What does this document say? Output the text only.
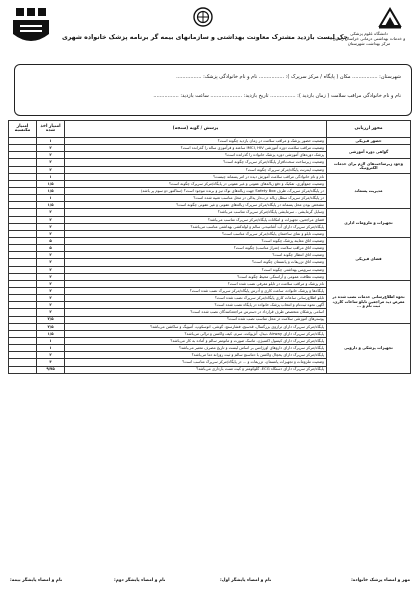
دانشگاه علوم پزشکی
و خدمات بهداشتی درمانی خراسان رضوی
مرکز بهداشت شهرستان
چک لیست بازدید مشترک معاونت بهداشتی و سازمانهای بیمه گر برنامه پزشک خانواده شهری
شهرستان: ................ مکان ( پایگاه / مرکز سرپرک ): ................ نام و نام خانوادگی پزشک: ................
نام و نام خانوادگی مراقب سلامت ( زمان بازدید ): ................ تاریخ بازدید: .................... ساعت بازدید: ................
محور ارزیابی	پرسش / گویه (سنجه)	امتیاز اخذ شده	امتیاز مکتسبه
حضور فیزیکی	وضعیت حضور پزشک و مراقب سلامت در زمان بازدید چگونه است؟	۱	
گواهی دوره آموزشی	وضعیت مراقب سلامت دوره آموزشی IMCI, HIV ساعته و فرآموزی ساله را گذرانده است؟	۲	
	پزشک دوره‌های آموزشی دوره پزشک خانواده را گذرانده است؟	۲	
وجود زیرساخت‌های لازم برای خدمات الکترونیک	وضعیت زیرساخت سخت‌افزار پایگاه/مرکز سرپرک چگونه است؟	۲	
	وضعیت اینترنت پایگاه/مرکز سرپرک چگونه است؟	۲	
مدیریت پسماند	نام و نام خانوادگی مراقب سلامت آموزش دیده در امر پسماند چیست؟	۱	
	وضعیت جمع‌آوری، تفکیک و دفع زباله‌های عفونی و غیر عفونی در پایگاه/مرکز سرپرک چگونه است؟	۱/۵	
	در پایگاه/مرکز سرپرک، ظرف Safety Box جهت زباله‌های نوک تیز و برنده موجود است؟ (ستاکتور دو سوم پر باشد)	۱/۵	
	در پایگاه/مرکز سرپرک سطل زباله درب‌دار پدالی در محل مناسب تعبیه شده است؟	۱	
	مشخص بودن محل پسماند در پایگاه/مرکز سرپرک زباله‌های عفونی و غیر عفونی چگونه است؟	۱/۵	
تجهیزات و ملزومات اداری	وسایل گرمایشی - سرمایشی پایگاه/مرکز سرپرک مناسب می‌باشد؟	۲	
	فضای مراجعین، تجهیزات و امکانات پایگاه/مرکز سرپرک مناسب می‌باشد؟	۲	
	پایگاه/مرکز سرپرک دارای آب آشامیدنی سالم و لوله‌کشی بهداشتی مناسب می‌باشد؟	۲	
	وضعیت تابلو و نمای ساختمان پایگاه/مرکز سرپرک مناسب است؟	۲	
فضای فیزیکی	وضعیت اتاق معاینه پزشک چگونه است؟	۵	
	وضعیت اتاق مراقب سلامت (متراژ مناسب) چگونه است؟	۵	
	وضعیت اتاق انتظار چگونه است؟	۲	
	وضعیت اتاق تزریقات و پانسمان چگونه است؟	۲	
	وضعیت سرویس بهداشتی چگونه است؟	۲	
	وضعیت نظافت عمومی و آراستگی محیط چگونه است؟	۲	
نحوه اطلاع‌رسانی خدمات نصب شده در معرض دید مراجعین تابلو ساعات کاری، ثبت نام و ...	نام پزشک و مراقب سلامت در تابلو معرفی نصب شده است؟	۲	
	پایگاه‌ها و پزشک خانواده، ساعت کاری و آدرس پایگاه/مرکز سرپرک نصب شده است؟	۲	
	تابلو اطلاع‌رسانی ساعات کاری پایگاه/مرکز سرپرک نصب شده است؟	۲	
	آگهی نحوه ثبت‌نام و انتخاب پزشک خانواده در پایگاه نصب شده است؟	۲	
	اسامی پزشکان متخصص طرف قرارداد در دسترس مراجعه‌کنندگان نصب شده است؟	۲	
	پوسترهای آموزشی سلامت در محل مناسب نصب شده است؟	۲/۵	
تجهیزات پزشکی و دارویی	پایگاه/مرکز سرپرک دارای ترازوی بزرگسال، قدسنج، فشارسنج، گوشی، اتوسکوپ، آمبوبگ و ساکشن می‌باشد؟	۲/۵	
	پایگاه/مرکز سرپرک دارای Airway ،نیدل، آنژیوکت، سرم، کیف واکسن و ترالی می‌باشد؟	۱/۵	
	پایگاه/مرکز سرپرک دارای کپسول اکسیژن، ماسک صورت و مانومتر سالم و آماده به کار می‌باشد؟	۱	
	پایگاه/مرکز سرپرک دارای داروهای اورژانس بر اساس لیست و تاریخ مصرف معتبر می‌باشد؟	۱	
	پایگاه/مرکز سرپرک دارای یخچال واکسن با دماسنج سالم و ثبت روزانه دما می‌باشد؟	۲	
	وضعیت ملزومات و تجهیزات پانسمان، تزریقات و ... در پایگاه/مرکز سرپرک مناسب است؟	۳	
	پایگاه/مرکز سرپرک دارای دستگاه ECG، گلوکومتر و کیت تست بارداری می‌باشد؟	۹/۷۵	
نام و امضاء پایشگر بیمه:	نام و امضاء پایشگر دوم:	نام و امضاء پایشگر اول:	مهر و امضاء پزشک خانواده:
